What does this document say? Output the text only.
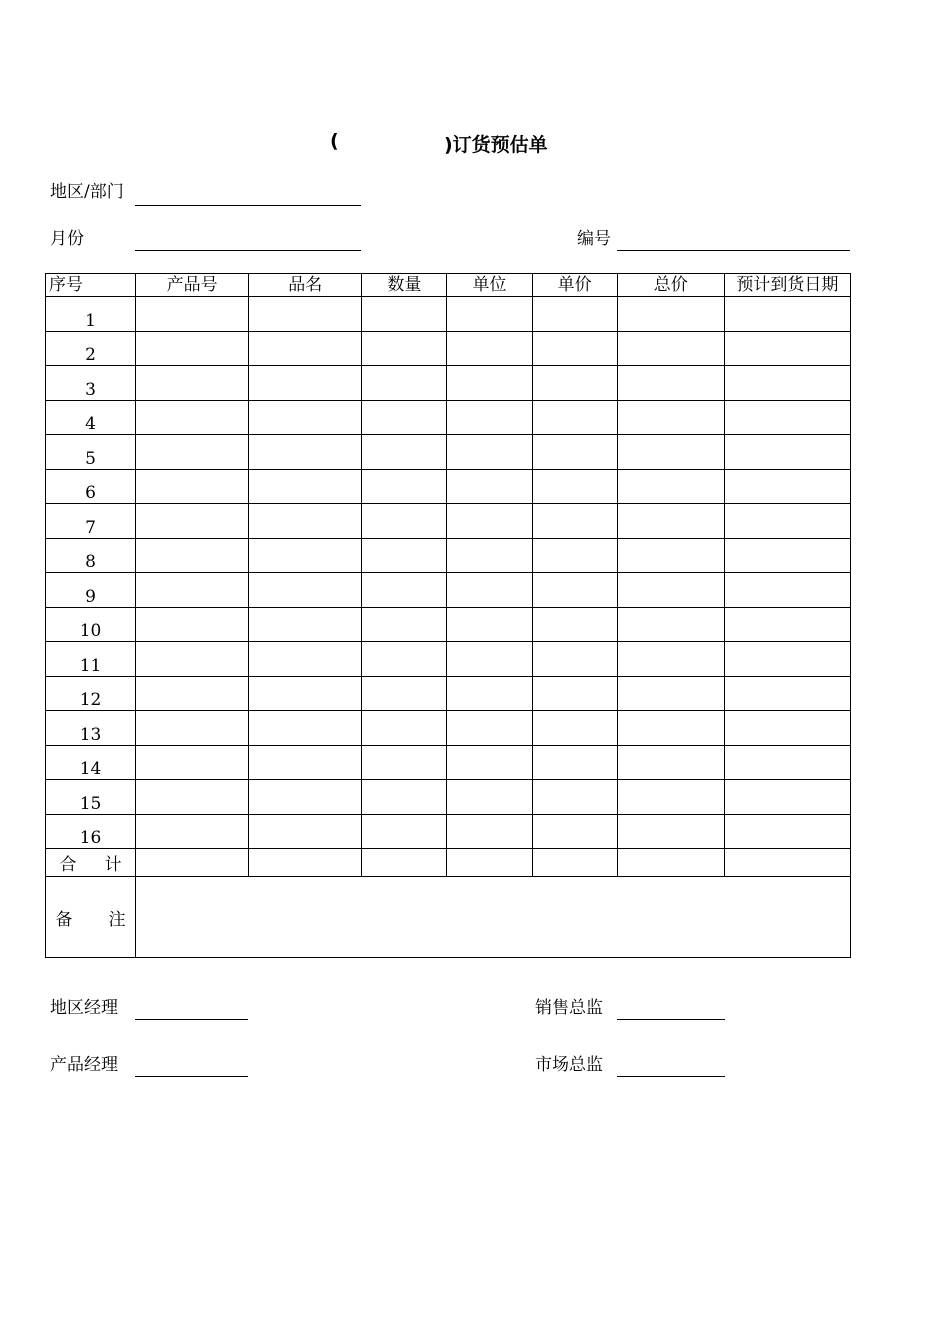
(	)订货预估单
地区/部门
月份	编号
序号	产品号	品名	数量	单位	单价	总价	预计到货日期
1							
2							
3							
4							
5							
6							
7							
8							
9							
10							
11							
12							
13							
14							
15							
16							
合 计							
备 注							
地区经理	销售总监
产品经理	市场总监
